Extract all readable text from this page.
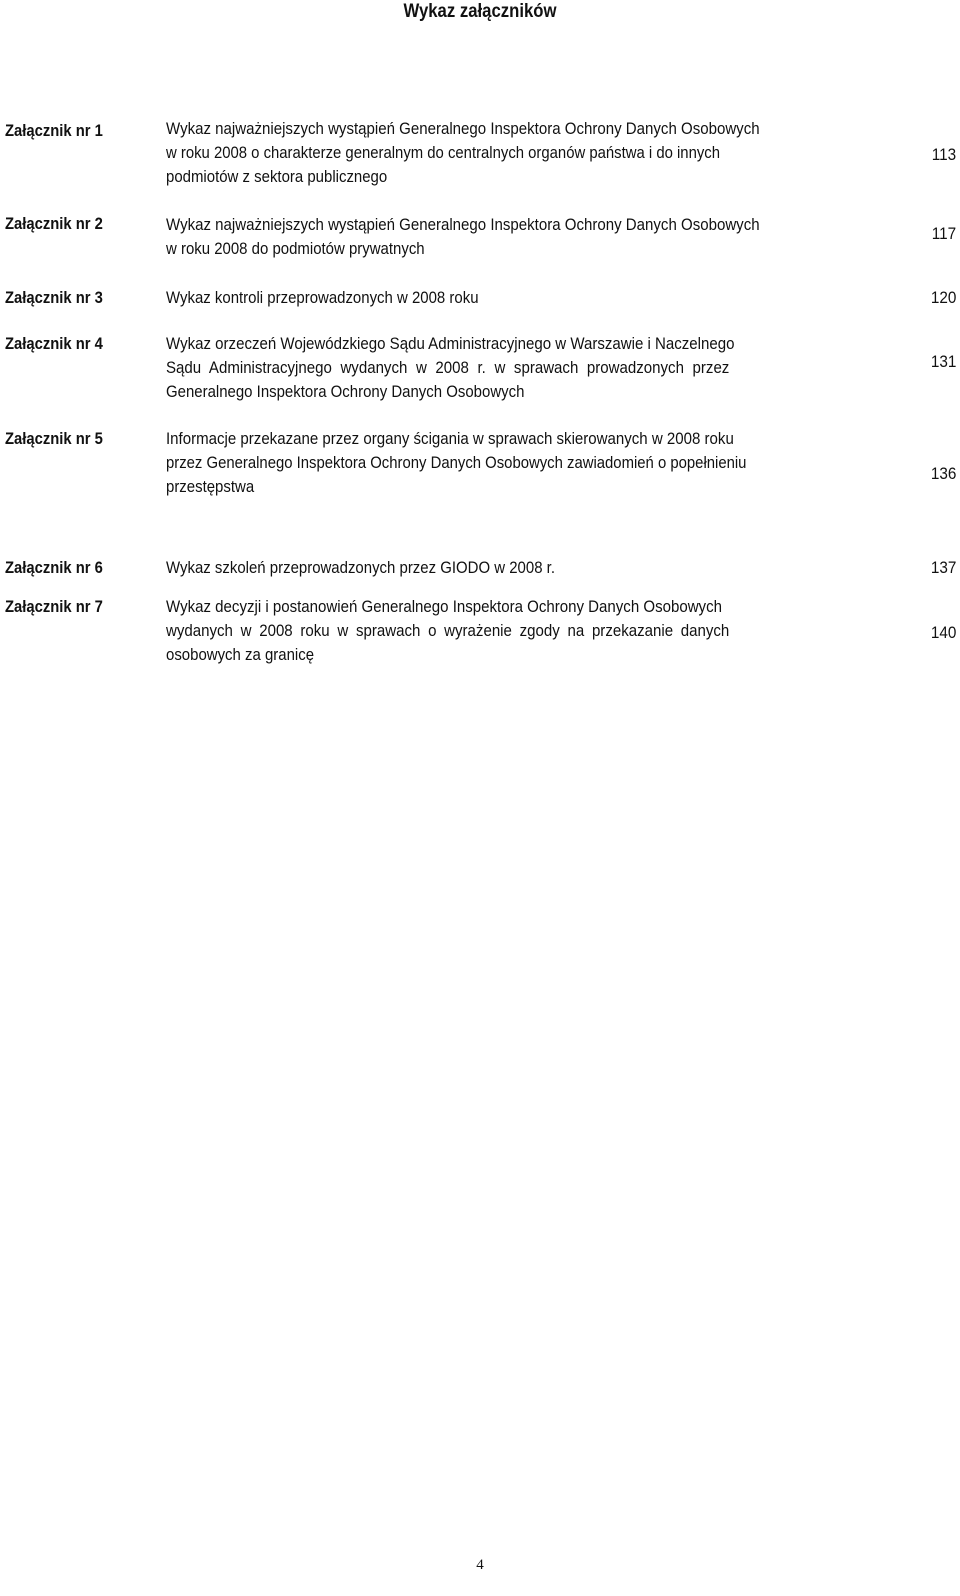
Wykaz załączników
Załącznik nr 1	Wykaz najważniejszych wystąpień Generalnego Inspektora Ochrony Danych Osobowych
w roku 2008 o charakterze generalnym do centralnych organów państwa i do innych
podmiotów z sektora publicznego
113
Załącznik nr 2	Wykaz najważniejszych wystąpień Generalnego Inspektora Ochrony Danych Osobowych
w roku 2008 do podmiotów prywatnych
117
Załącznik nr 3	Wykaz kontroli przeprowadzonych w 2008 roku	120
Załącznik nr 4	Wykaz orzeczeń Wojewódzkiego Sądu Administracyjnego w Warszawie i Naczelnego
Sądu Administracyjnego wydanych w 2008 r. w sprawach prowadzonych przez
Generalnego Inspektora Ochrony Danych Osobowych
131
Załącznik nr 5	Informacje przekazane przez organy ścigania w sprawach skierowanych w 2008 roku
przez Generalnego Inspektora Ochrony Danych Osobowych zawiadomień o popełnieniu
przestępstwa
136
Załącznik nr 6	Wykaz szkoleń przeprowadzonych przez GIODO w 2008 r.	137
Załącznik nr 7	Wykaz decyzji i postanowień Generalnego Inspektora Ochrony Danych Osobowych
wydanych w 2008 roku w sprawach o wyrażenie zgody na przekazanie danych
osobowych za granicę
140
4
